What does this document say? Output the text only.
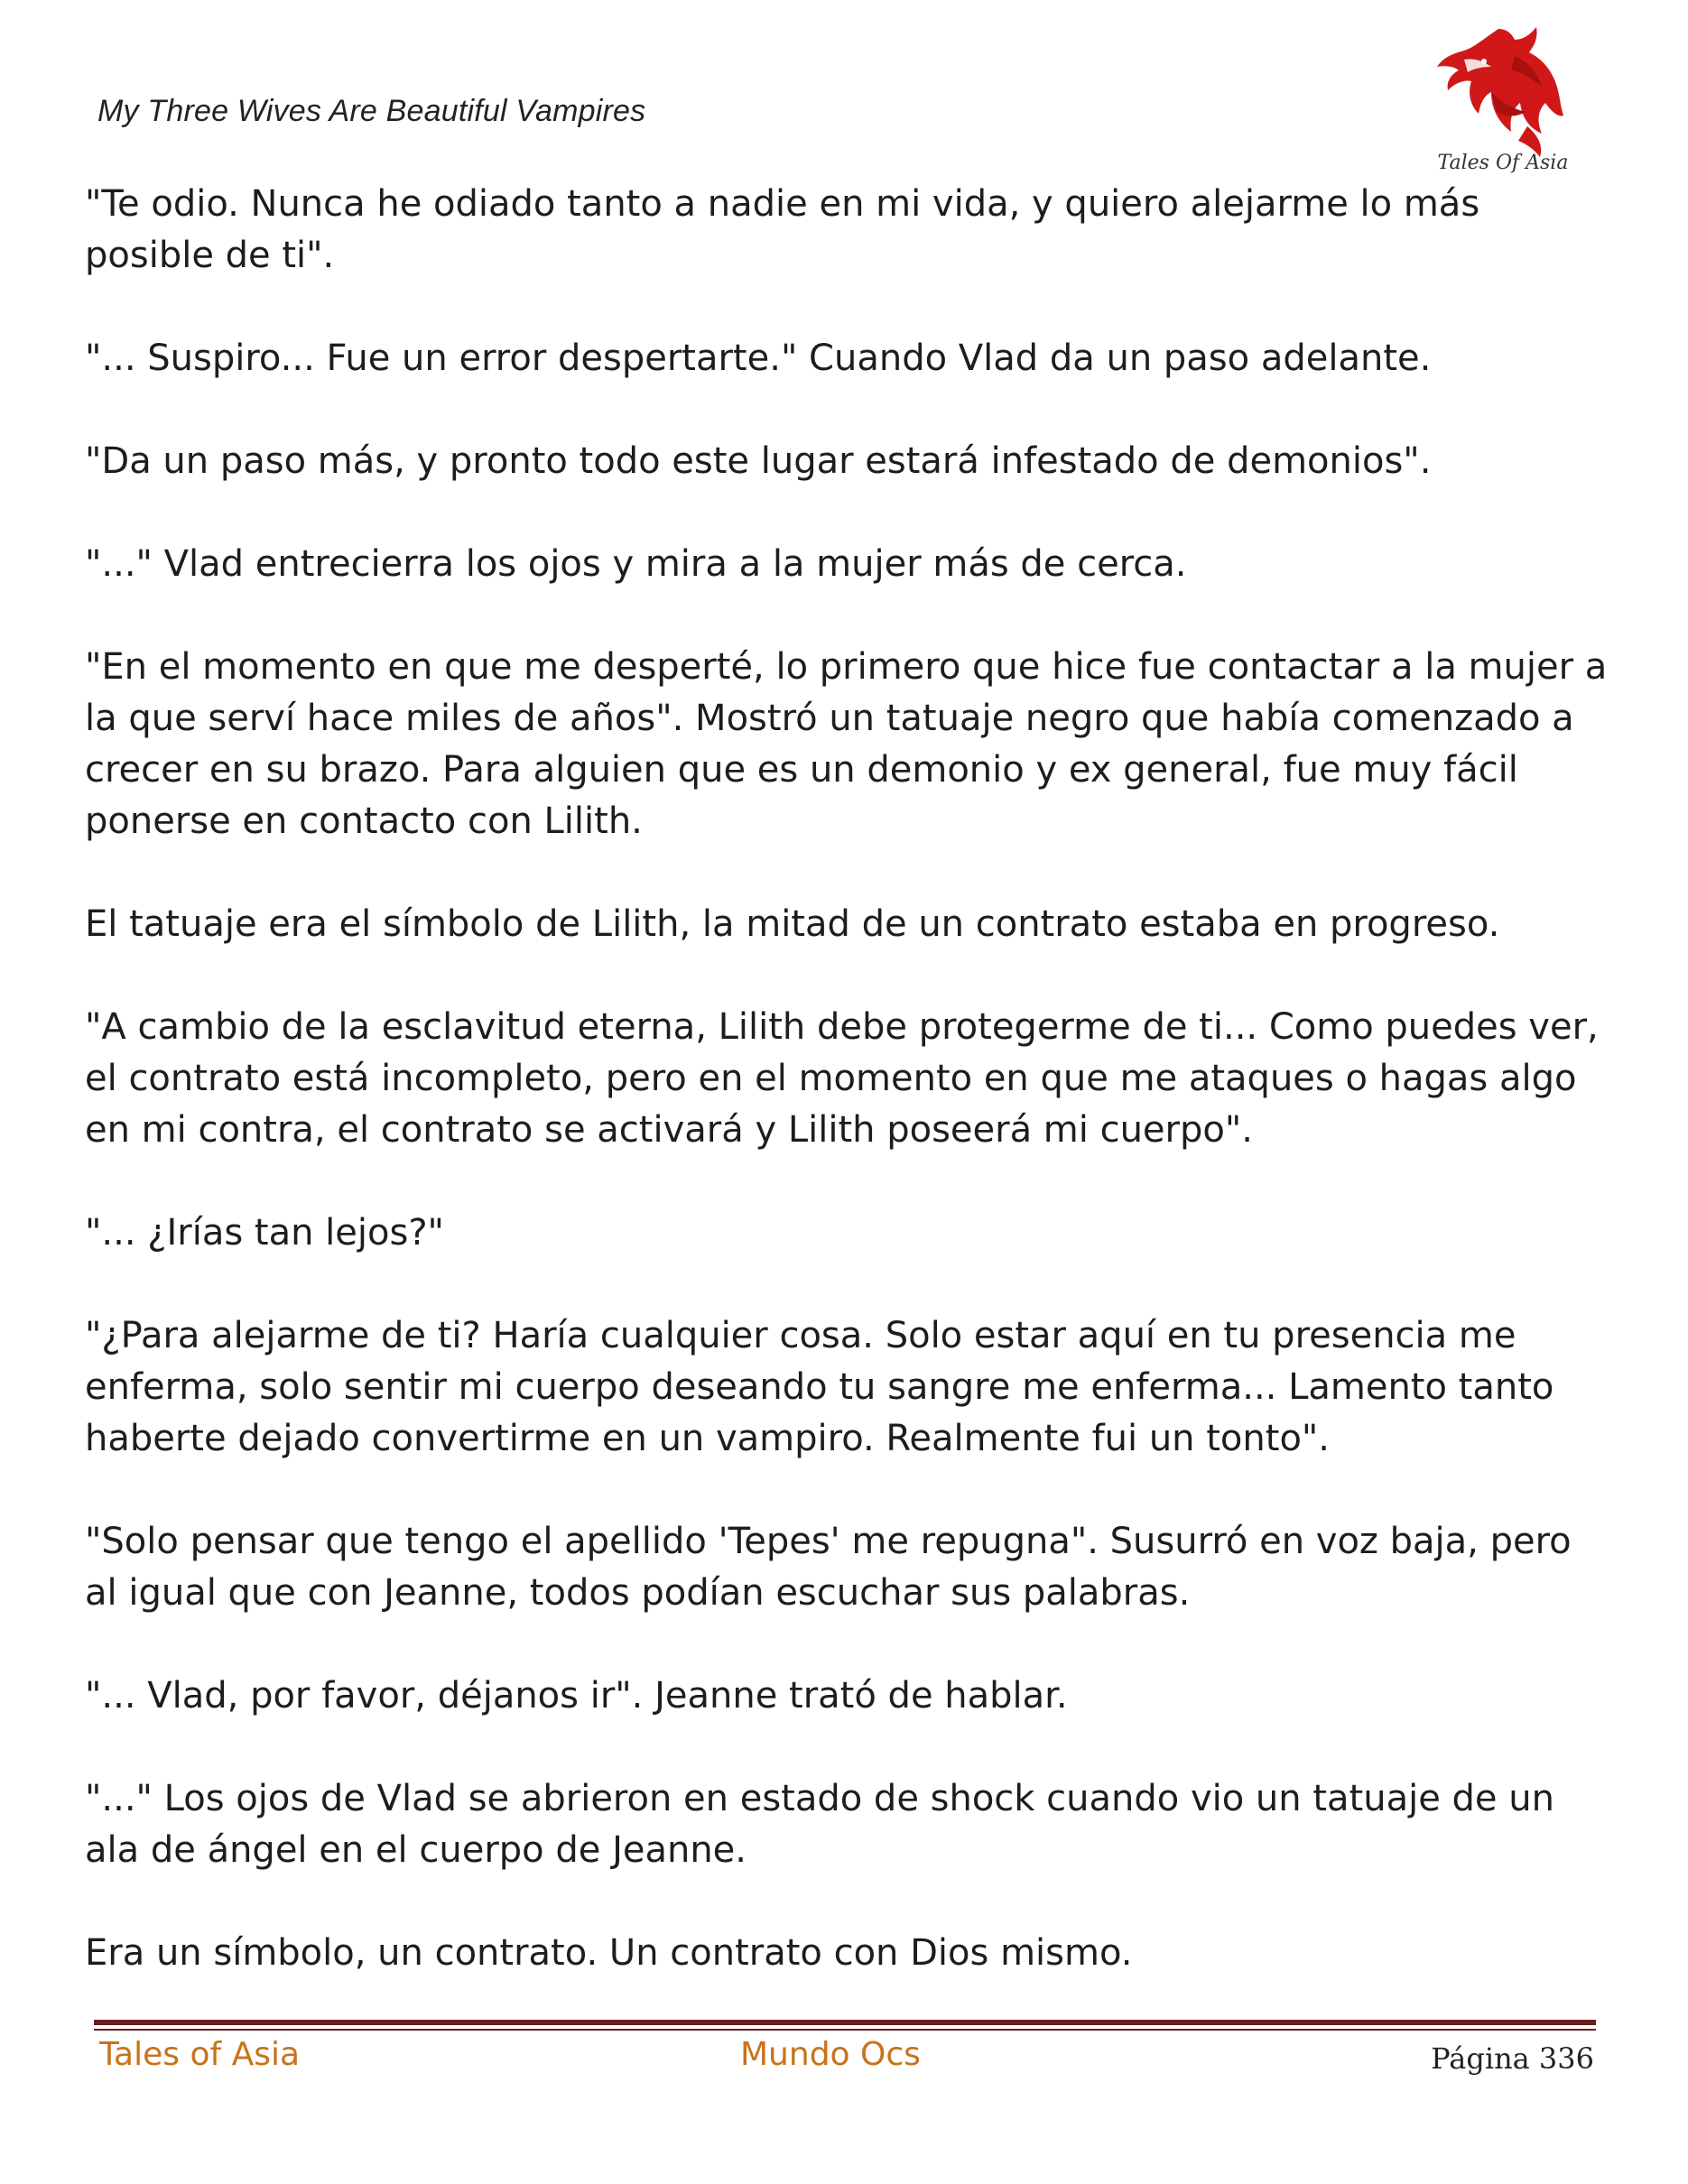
My Three Wives Are Beautiful Vampires
Tales Of Asia

"Te odio. Nunca he odiado tanto a nadie en mi vida, y quiero alejarme lo más posible de ti".

"... Suspiro... Fue un error despertarte." Cuando Vlad da un paso adelante.

"Da un paso más, y pronto todo este lugar estará infestado de demonios".

"..." Vlad entrecierra los ojos y mira a la mujer más de cerca.

"En el momento en que me desperté, lo primero que hice fue contactar a la mujer a la que serví hace miles de años". Mostró un tatuaje negro que había comenzado a crecer en su brazo. Para alguien que es un demonio y ex general, fue muy fácil ponerse en contacto con Lilith.

El tatuaje era el símbolo de Lilith, la mitad de un contrato estaba en progreso.

"A cambio de la esclavitud eterna, Lilith debe protegerme de ti... Como puedes ver, el contrato está incompleto, pero en el momento en que me ataques o hagas algo en mi contra, el contrato se activará y Lilith poseerá mi cuerpo".

"... ¿Irías tan lejos?"

"¿Para alejarme de ti? Haría cualquier cosa. Solo estar aquí en tu presencia me enferma, solo sentir mi cuerpo deseando tu sangre me enferma... Lamento tanto haberte dejado convertirme en un vampiro. Realmente fui un tonto".

"Solo pensar que tengo el apellido 'Tepes' me repugna". Susurró en voz baja, pero al igual que con Jeanne, todos podían escuchar sus palabras.

"... Vlad, por favor, déjanos ir". Jeanne trató de hablar.

"..." Los ojos de Vlad se abrieron en estado de shock cuando vio un tatuaje de un ala de ángel en el cuerpo de Jeanne.

Era un símbolo, un contrato. Un contrato con Dios mismo.

Tales of Asia	Mundo Ocs	Página 336
